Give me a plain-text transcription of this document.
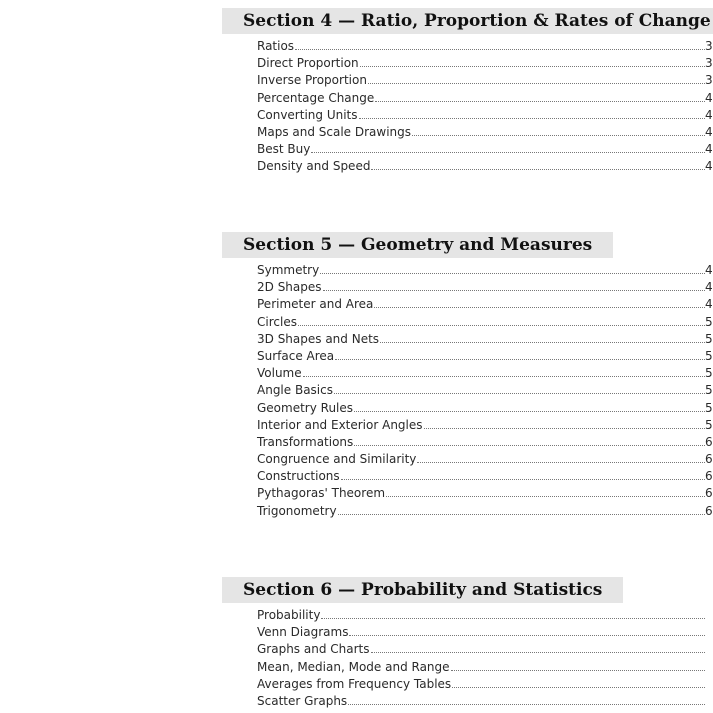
Section 4 — Ratio, Proportion & Rates of Change
Ratios	3
Direct Proportion	3
Inverse Proportion	3
Percentage Change	4
Converting Units	4
Maps and Scale Drawings	4
Best Buy	4
Density and Speed	4
Section 5 — Geometry and Measures
Symmetry	4
2D Shapes	4
Perimeter and Area	4
Circles	5
3D Shapes and Nets	5
Surface Area	5
Volume	5
Angle Basics	5
Geometry Rules	5
Interior and Exterior Angles	5
Transformations	6
Congruence and Similarity	6
Constructions	6
Pythagoras' Theorem	6
Trigonometry	6
Section 6 — Probability and Statistics
Probability
Venn Diagrams
Graphs and Charts
Mean, Median, Mode and Range
Averages from Frequency Tables
Scatter Graphs
